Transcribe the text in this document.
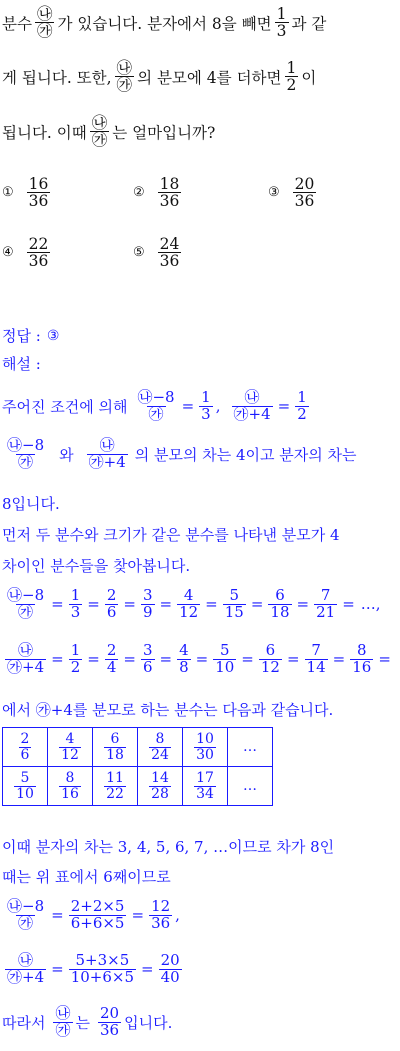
분수 $\frac{㉯}{㉮}$ 가 있습니다. 분자에서 8을 빼면 $\frac{1}{3}$ 과 같
게 됩니다. 또한, $\frac{㉯}{㉮}$ 의 분모에 4를 더하면 $\frac{1}{2}$ 이
됩니다. 이때 $\frac{㉯}{㉮}$ 는 얼마입니까?
① $\frac{16}{36}$	② $\frac{18}{36}$	③ $\frac{20}{36}$
④ $\frac{22}{36}$	⑤ $\frac{24}{36}$
정답 : ③
해설 :
주어진 조건에 의해 $\frac{㉯-8}{㉮} = \frac{1}{3}$ , $\frac{㉯}{㉮+4} = \frac{1}{2}$
$\frac{㉯-8}{㉮}$ 와 $\frac{㉯}{㉮+4}$ 의 분모의 차는 4이고 분자의 차는
8입니다.
먼저 두 분수와 크기가 같은 분수를 나타낸 분모가 4
차이인 분수들을 찾아봅니다.
$\frac{㉯-8}{㉮} = \frac{1}{3} = \frac{2}{6} = \frac{3}{9} = \frac{4}{12} = \frac{5}{15} = \frac{6}{18} = \frac{7}{21}$ = …,
$\frac{㉯}{㉮+4} = \frac{1}{2} = \frac{2}{4} = \frac{3}{6} = \frac{4}{8} = \frac{5}{10} = \frac{6}{12} = \frac{7}{14} = \frac{8}{16}$ =
에서 ㉮+4를 분모로 하는 분수는 다음과 같습니다.
$\frac{2}{6}$	$\frac{4}{12}$	$\frac{6}{18}$	$\frac{8}{24}$	$\frac{10}{30}$	…

$\frac{5}{10}$	$\frac{8}{16}$	$\frac{11}{22}$	$\frac{14}{28}$	$\frac{17}{34}$	…
이때 분자의 차는 3, 4, 5, 6, 7, …이므로 차가 8인
때는 위 표에서 6째이므로
$\frac{㉯-8}{㉮} = \frac{2+2\times 5}{6+6\times 5} = \frac{12}{36}$ ,
$\frac{㉯}{㉮+4} = \frac{5+3\times 5}{10+6\times 5} = \frac{20}{40}$
따라서 $\frac{㉯}{㉮}$ 는 $\frac{20}{36}$ 입니다.
